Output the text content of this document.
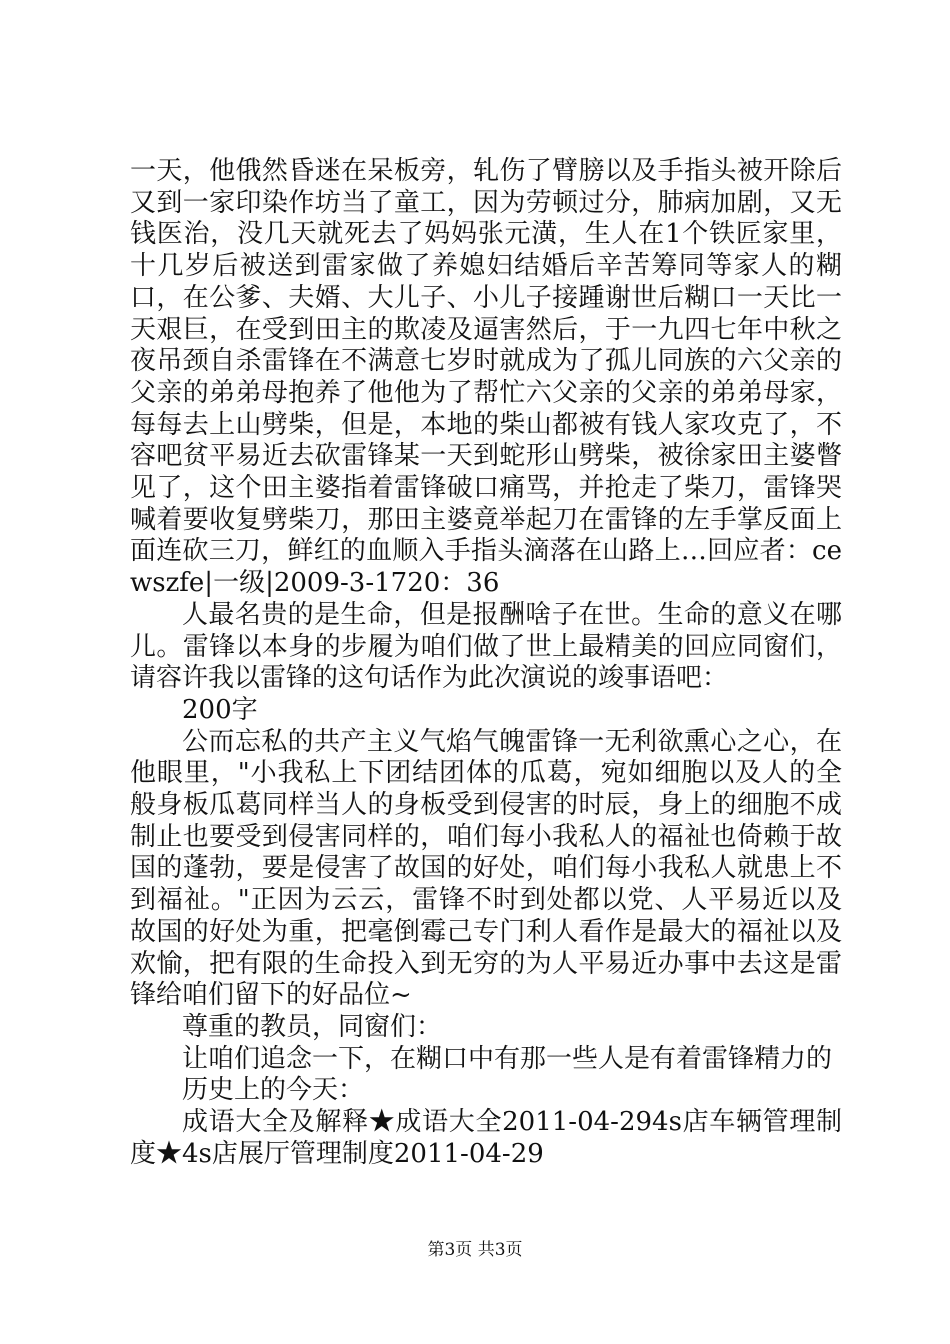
一天，他俄然昏迷在呆板旁，轧伤了臂膀以及手指头被开除后又到一家印染作坊当了童工，因为劳顿过分，肺病加剧，又无钱医治，没几天就死去了妈妈张元潢，生人在1个铁匠家里，十几岁后被送到雷家做了养媳妇结婚后辛苦筹同等家人的糊口，在公爹、夫婿、大儿子、小儿子接踵谢世后糊口一天比一天艰巨，在受到田主的欺凌及逼害然后，于一九四七年中秋之夜吊颈自杀雷锋在不满意七岁时就成为了孤儿同族的六父亲的父亲的弟弟母抱养了他他为了帮忙六父亲的父亲的弟弟母家，每每去上山劈柴，但是，本地的柴山都被有钱人家攻克了，不容吧贫平易近去砍雷锋某一天到蛇形山劈柴，被徐家田主婆瞥见了，这个田主婆指着雷锋破口痛骂，并抢走了柴刀，雷锋哭喊着要收复劈柴刀，那田主婆竟举起刀在雷锋的左手掌反面上面连砍三刀，鲜红的血顺入手指头滴落在山路上…回应者：cewszfe|一级|2009-3-1720：36

人最名贵的是生命，但是报酬啥子在世。生命的意义在哪儿。雷锋以本身的步履为咱们做了世上最精美的回应同窗们，请容许我以雷锋的这句话作为此次演说的竣事语吧：

200字

公而忘私的共产主义气焰气魄雷锋一无利欲熏心之心，在他眼里，"小我私上下团结团体的瓜葛，宛如细胞以及人的全般身板瓜葛同样当人的身板受到侵害的时辰，身上的细胞不成制止也要受到侵害同样的，咱们每小我私人的福祉也倚赖于故国的蓬勃，要是侵害了故国的好处，咱们每小我私人就患上不到福祉。"正因为云云，雷锋不时到处都以党、人平易近以及故国的好处为重，把毫倒霉己专门利人看作是最大的福祉以及欢愉，把有限的生命投入到无穷的为人平易近办事中去这是雷锋给咱们留下的好品位~

尊重的教员，同窗们：

让咱们追念一下，在糊口中有那一些人是有着雷锋精力的

历史上的今天：

成语大全及解释★成语大全2011-04-294s店车辆管理制度★4s店展厅管理制度2011-04-29

第3页 共3页
